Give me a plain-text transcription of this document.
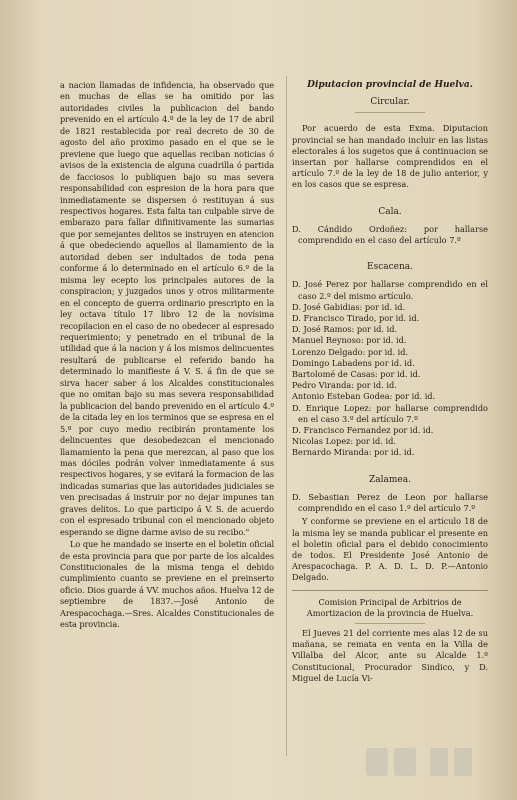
a nacion llamadas de infidencia, ha observado que en muchas de ellas se ha omitido por las autoridades civiles la publicacion del bando prevenido en el artículo 4.º de la ley de 17 de abril de 1821 restablecida por real decreto de 30 de agosto del año proximo pasado en el que se le previene que luego que aquellas reciban noticias ó avisos de la existencia de alguna cuadrilla ó partida de facciosos lo publiquen bajo su mas severa responsabilidad con espresion de la hora para que inmediatamente se dispersen ó restituyan á sus respectivos hogares. Esta falta tan culpable sirve de embarazo para fallar difinitivamente las sumarias que por semejantes delitos se instruyen en atencion á que obedeciendo aquellos al llamamiento de la autoridad deben ser indultados de toda pena conforme á lo determinado en el artículo 6.º de la misma ley ecepto los principales autores de la conspiracion; y juzgados unos y otros militarmente en el concepto de guerra ordinario prescripto en la ley octava título 17 libro 12 de la novísima recopilacion en el caso de no obedecer al espresado requerimiento; y penetrado en el tribunal de la utilidad que á la nacion y á los mismos delincuentes resultará de publicarse el referido bando ha determinado lo manifieste á V. S. á fin de que se sirva hacer saber á los Alcaldes constitucionales que no omitan bajo su mas severa responsabilidad la publicacion del bando prevenido en el artículo 4.º de la citada ley en los terminos que se espresa en el 5.º por cuyo medio recibirán prontamente los delincuentes que desobedezcan el mencionado llamamiento la pena que merezcan, al paso que los mas dóciles podrán volver inmediatamente á sus respectivos hogares, y se evitará la formacion de las indicadas sumarias que las autoridades judiciales se ven precisadas á instruir por no dejar impunes tan graves delitos. Lo que participo á V. S. de acuerdo con el espresado tribunal con el mencionado objeto esperando se digne darme aviso de su recibo."

Lo que he mandado se inserte en el boletin oficial de esta provincia para que por parte de los alcaldes Constitucionales de la misma tenga el debido cumplimiento cuanto se previene en el preinserto oficio. Dios guarde á VV. muchos años. Huelva 12 de septiembre de 1837.—José Antonio de Arespacochaga.—Sres. Alcaldes Constitucionales de esta provincia.

Diputacion provincial de Huelva.
Circular.

Por acuerdo de esta Exma. Diputacion provincial se han mandado incluir en las listas electorales á los sugetos que á continuacion se insertan por hallarse comprendidos en el artículo 7.º de la ley de 18 de julio anterior, y en los casos que se espresa.

Cala.

D. Cándido Ordoñez: por hallarse comprendido en el caso del artículo 7.º

Escacena.

D. José Perez por hallarse comprendido en el caso 2.º del mismo artículo.

D. José Gabidias: por id. id.

D. Francisco Tirado, por id. id.

D. José Ramos: por id. id.

Manuel Reynoso: por id. id.

Lorenzo Delgado: por id. id.

Domingo Labadens por id. id.

Bartolomé de Casas: por id. id.

Pedro Viranda: por id. id.

Antonio Esteban Godea: por id. id.

D. Enrique Lopez: por hallarse comprendido en el caso 3.º del artículo 7.º

D. Francisco Fernandez por id. id.

Nicolas Lopez: por id. id.

Bernardo Miranda: por id. id.

Zalamea.

D. Sebastian Perez de Leon por hallarse comprendido en el caso 1.º del artículo 7.º

Y conforme se previene en el artículo 18 de la misma ley se manda publicar el presente en el boletin oficial para el debido conocimiento de todos. El Presidente José Antonio de Arespacochaga. P. A. D. L. D. P.—Antonio Delgado.

Comision Principal de Arbitrios de Amortizacion de la provincia de Huelva.

El Jueves 21 del corriente mes alas 12 de su mañana, se remata en venta en la Villa de Villalba del Alcor, ante su Alcalde 1.º Constitucional, Procurador Sindico, y D. Miguel de Lucía Vi-
